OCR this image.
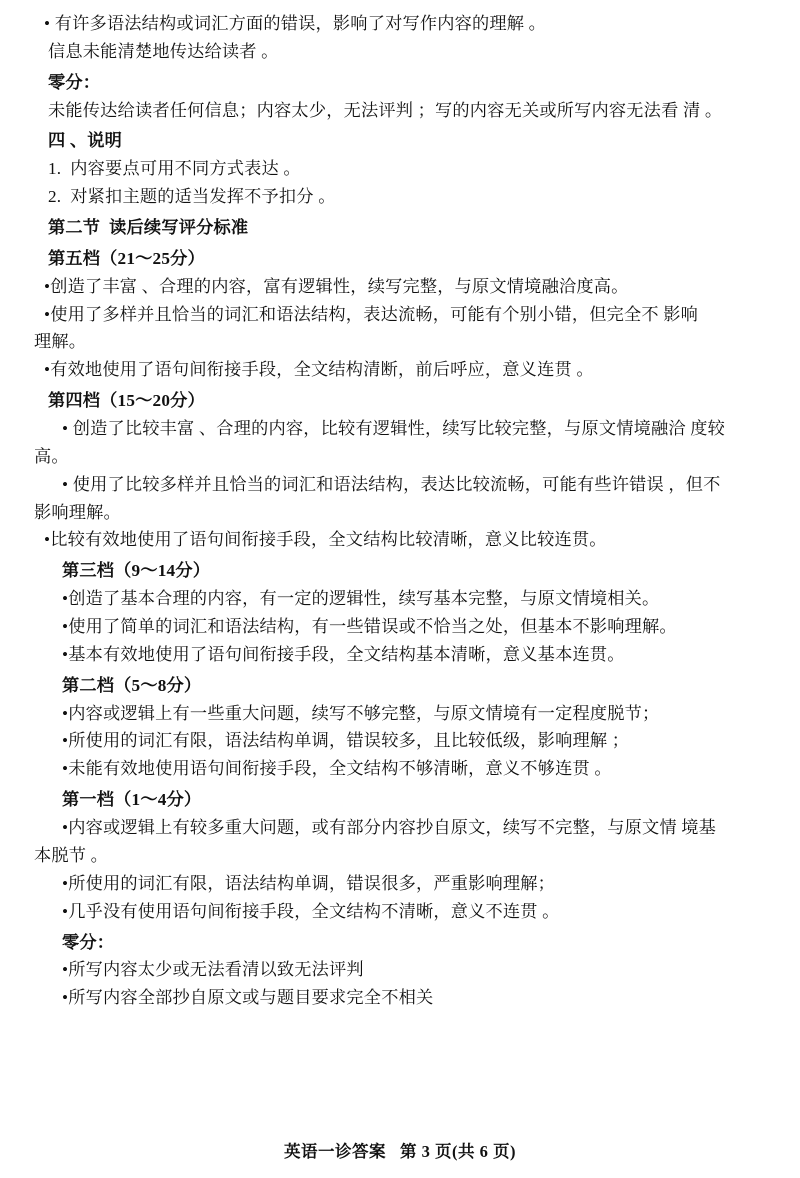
• 有许多语法结构或词汇方面的错误，影响了对写作内容的理解 。

信息未能清楚地传达给读者 。

零分：

未能传达给读者任何信息；内容太少，无法评判 ；写的内容无关或所写内容无法看 清 。

四 、说明

1.  内容要点可用不同方式表达 。

2.  对紧扣主题的适当发挥不予扣分 。

第二节  读后续写评分标准

第五档（21～25分）

•创造了丰富 、合理的内容，富有逻辑性，续写完整，与原文情境融洽度高。

•使用了多样并且恰当的词汇和语法结构，表达流畅，可能有个别小错，但完全不 影响

理解。

•有效地使用了语句间衔接手段，全文结构清断，前后呼应，意义连贯 。

第四档（15～20分）

• 创造了比较丰富 、合理的内容，比较有逻辑性，续写比较完整，与原文情境融洽 度较

高。

• 使用了比较多样并且恰当的词汇和语法结构，表达比较流畅，可能有些许错误 ，但不

影响理解。

•比较有效地使用了语句间衔接手段，全文结构比较清晰，意义比较连贯。

第三档（9～14分）

•创造了基本合理的内容，有一定的逻辑性，续写基本完整，与原文情境相关。

•使用了简单的词汇和语法结构，有一些错误或不恰当之处，但基本不影响理解。

•基本有效地使用了语句间衔接手段，全文结构基本清晰，意义基本连贯。

第二档（5～8分）

•内容或逻辑上有一些重大问题，续写不够完整，与原文情境有一定程度脱节；

•所使用的词汇有限，语法结构单调，错误较多，且比较低级，影响理解 ；

•未能有效地使用语句间衔接手段，全文结构不够清晰，意义不够连贯 。

第一档（1～4分）

•内容或逻辑上有较多重大问题，或有部分内容抄自原文，续写不完整，与原文情 境基

本脱节 。

•所使用的词汇有限，语法结构单调，错误很多，严重影响理解；

•几乎没有使用语句间衔接手段，全文结构不清晰，意义不连贯 。

零分：

•所写内容太少或无法看清以致无法评判

•所写内容全部抄自原文或与题目要求完全不相关

英语一诊答案 第 3 页(共 6 页)
